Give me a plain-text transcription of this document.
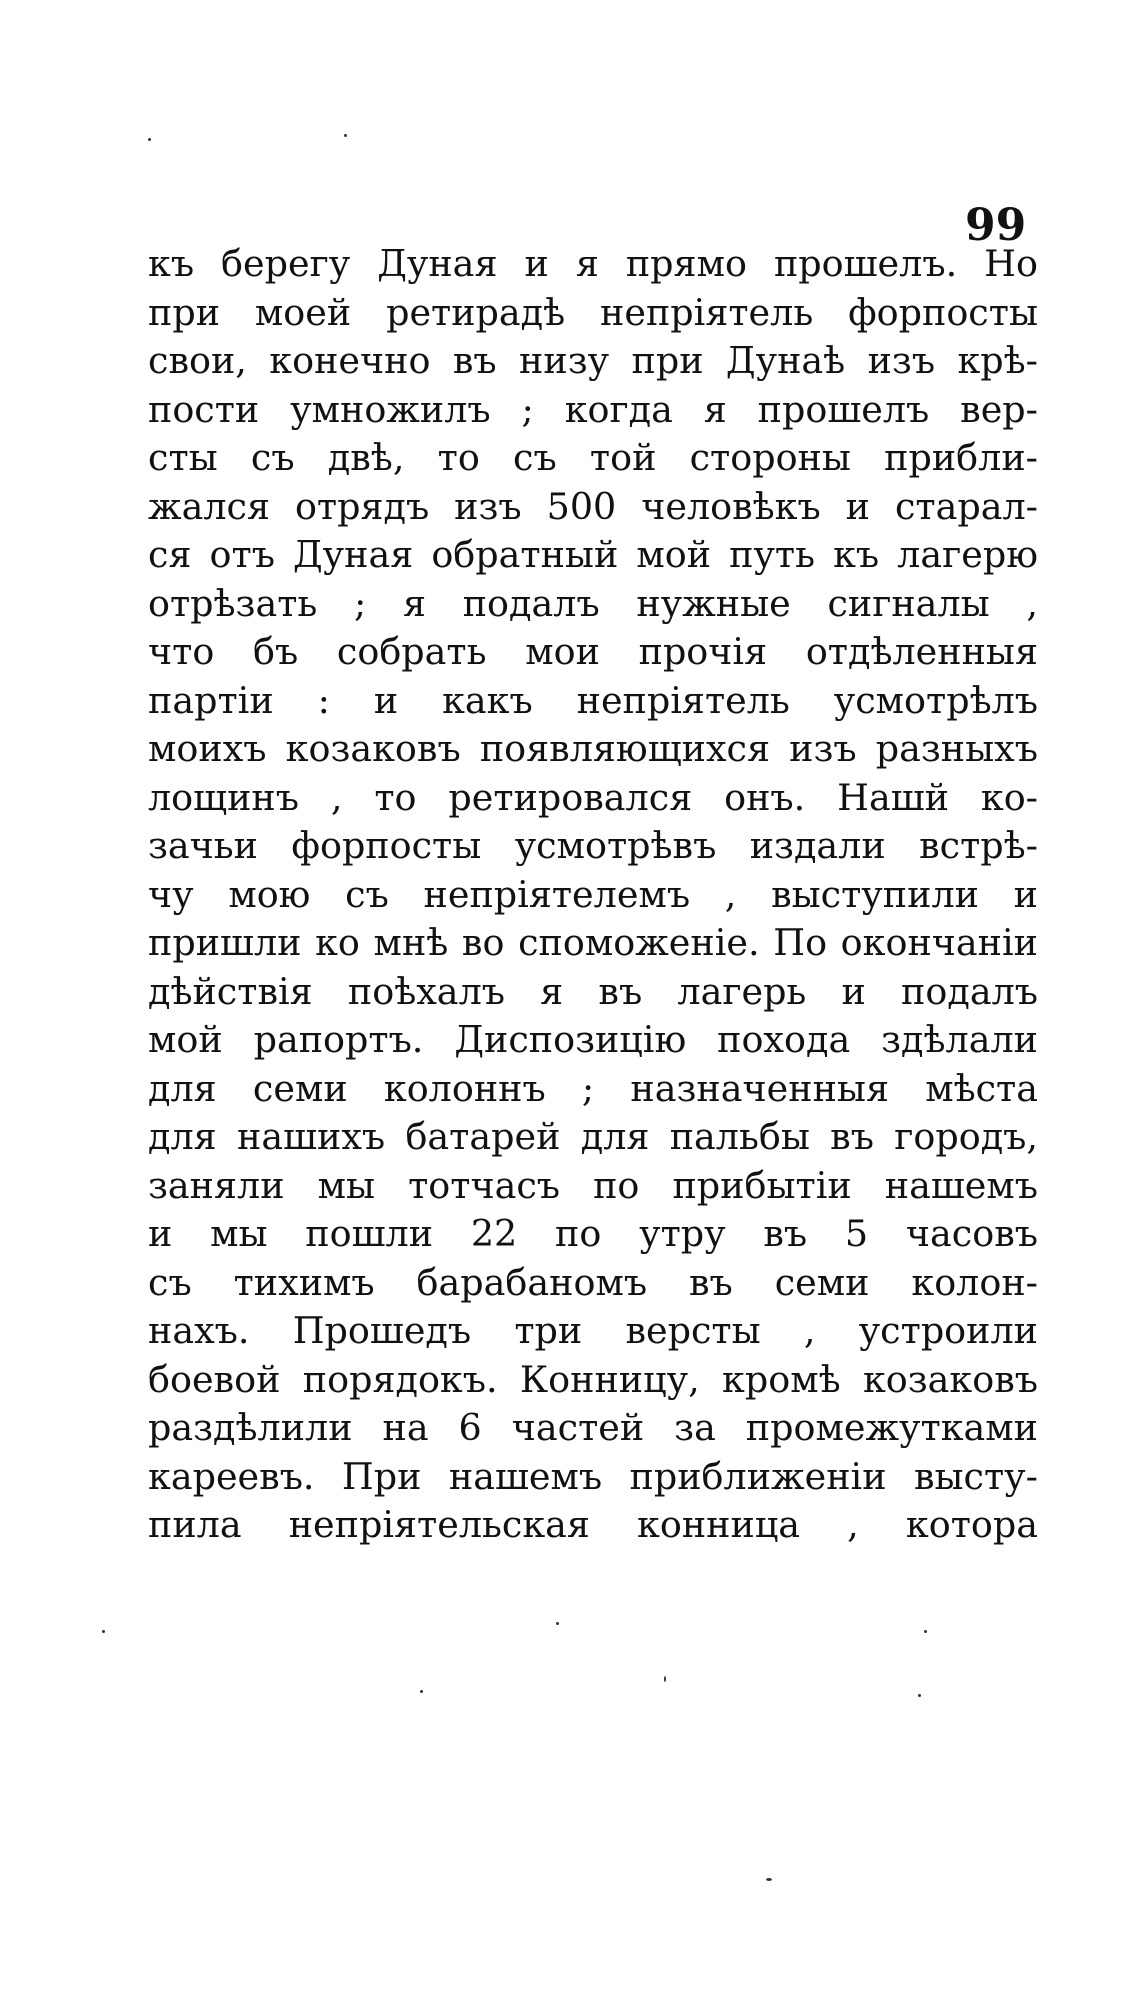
99
къ берегу Дуная и я прямо прошелъ. Но
при моей ретирадѣ непріятель форпосты
свои, конечно въ низу при Дунаѣ изъ крѣ-
пости умножилъ ; когда я прошелъ вер-
сты съ двѣ, то съ той стороны прибли-
жался отрядъ изъ 500 человѣкъ и старал-
ся отъ Дуная обратный мой путь къ лагерю
отрѣзать ; я подалъ нужные сигналы ,
что бъ собрать мои прочія отдѣленныя
партіи : и какъ непріятель усмотрѣлъ
моихъ козаковъ появляющихся изъ разныхъ
лощинъ , то ретировался онъ. Нашй ко-
зачьи форпосты усмотрѣвъ издали встрѣ-
чу мою съ непріятелемъ , выступили и
пришли ко мнѣ во споможеніе. По окончаніи
дѣйствія поѣхалъ я въ лагерь и подалъ
мой рапортъ. Диспозицію похода здѣлали
для семи колоннъ ; назначенныя мѣста
для нашихъ батарей для пальбы въ городъ,
заняли мы тотчасъ по прибытіи нашемъ
и мы пошли 22 по утру въ 5 часовъ
съ тихимъ барабаномъ въ семи колон-
нахъ. Прошедъ три версты , устроили
боевой порядокъ. Конницу, кромѣ козаковъ
раздѣлили на 6 частей за промежутками
кареевъ. При нашемъ приближеніи высту-
пила непріятельская конница , котора
